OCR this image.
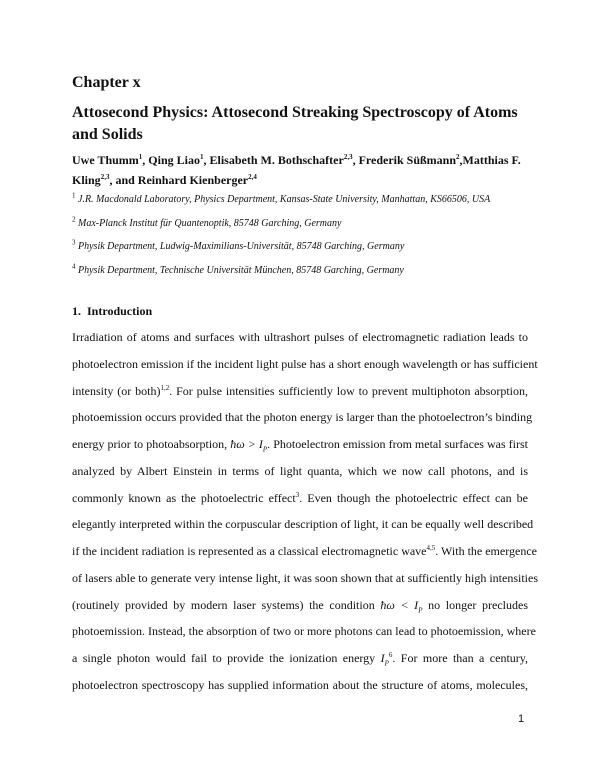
Chapter x
Attosecond Physics: Attosecond Streaking Spectroscopy of Atoms and Solids
Uwe Thumm$^1$, Qing Liao$^1$, Elisabeth M. Bothschafter$^{2,3}$, Frederik Süßmann$^2$,Matthias F. Kling$^{2,3}$, and Reinhard Kienberger$^{2,4}$
$^1$ J.R. Macdonald Laboratory, Physics Department, Kansas-State University, Manhattan, KS66506, USA
$^2$ Max-Planck Institut für Quantenoptik, 85748 Garching, Germany
$^3$ Physik Department, Ludwig-Maximilians-Universität, 85748 Garching, Germany
$^4$ Physik Department, Technische Universität München, 85748 Garching, Germany
1. Introduction
Irradiation of atoms and surfaces with ultrashort pulses of electromagnetic radiation leads to
photoelectron emission if the incident light pulse has a short enough wavelength or has sufficient
intensity (or both)$^{1,2}$. For pulse intensities sufficiently low to prevent multiphoton absorption,
photoemission occurs provided that the photon energy is larger than the photoelectron’s binding
energy prior to photoabsorption, ħω > $I_P$. Photoelectron emission from metal surfaces was first
analyzed by Albert Einstein in terms of light quanta, which we now call photons, and is
commonly known as the photoelectric effect$^3$. Even though the photoelectric effect can be
elegantly interpreted within the corpuscular description of light, it can be equally well described
if the incident radiation is represented as a classical electromagnetic wave$^{4,5}$. With the emergence
of lasers able to generate very intense light, it was soon shown that at sufficiently high intensities
(routinely provided by modern laser systems) the condition ħω < $I_P$ no longer precludes
photoemission. Instead, the absorption of two or more photons can lead to photoemission, where
a single photon would fail to provide the ionization energy $I_P^6$. For more than a century,
photoelectron spectroscopy has supplied information about the structure of atoms, molecules,
1
